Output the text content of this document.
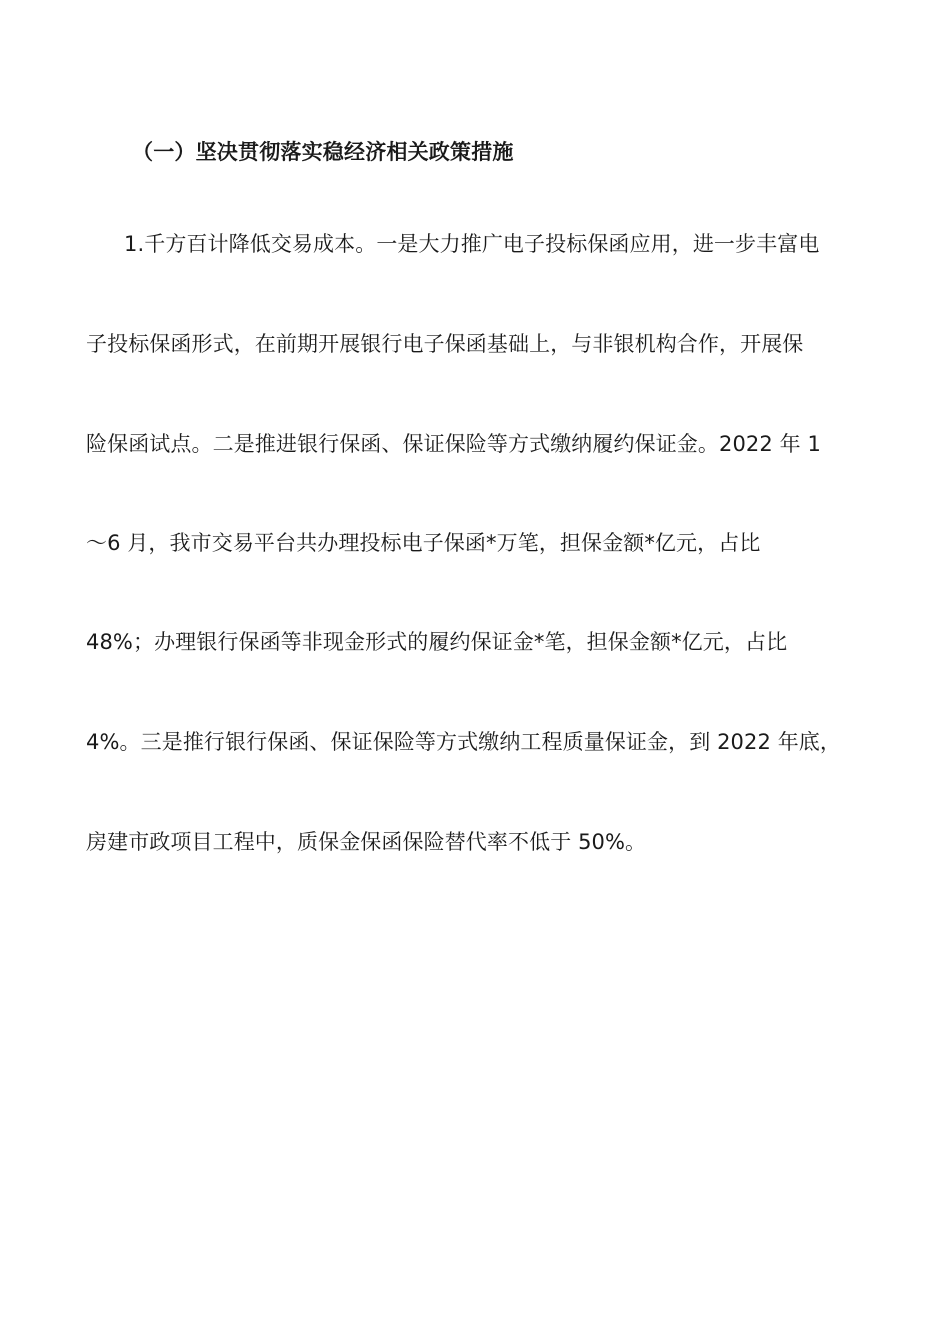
（一）坚决贯彻落实稳经济相关政策措施
1.千方百计降低交易成本。一是大力推广电子投标保函应用，进一步丰富电
子投标保函形式，在前期开展银行电子保函基础上，与非银机构合作，开展保
险保函试点。二是推进银行保函、保证保险等方式缴纳履约保证金。2022 年 1
～6 月，我市交易平台共办理投标电子保函*万笔，担保金额*亿元，占比
48%；办理银行保函等非现金形式的履约保证金*笔，担保金额*亿元，占比
4%。三是推行银行保函、保证保险等方式缴纳工程质量保证金，到 2022 年底，
房建市政项目工程中，质保金保函保险替代率不低于 50%。
